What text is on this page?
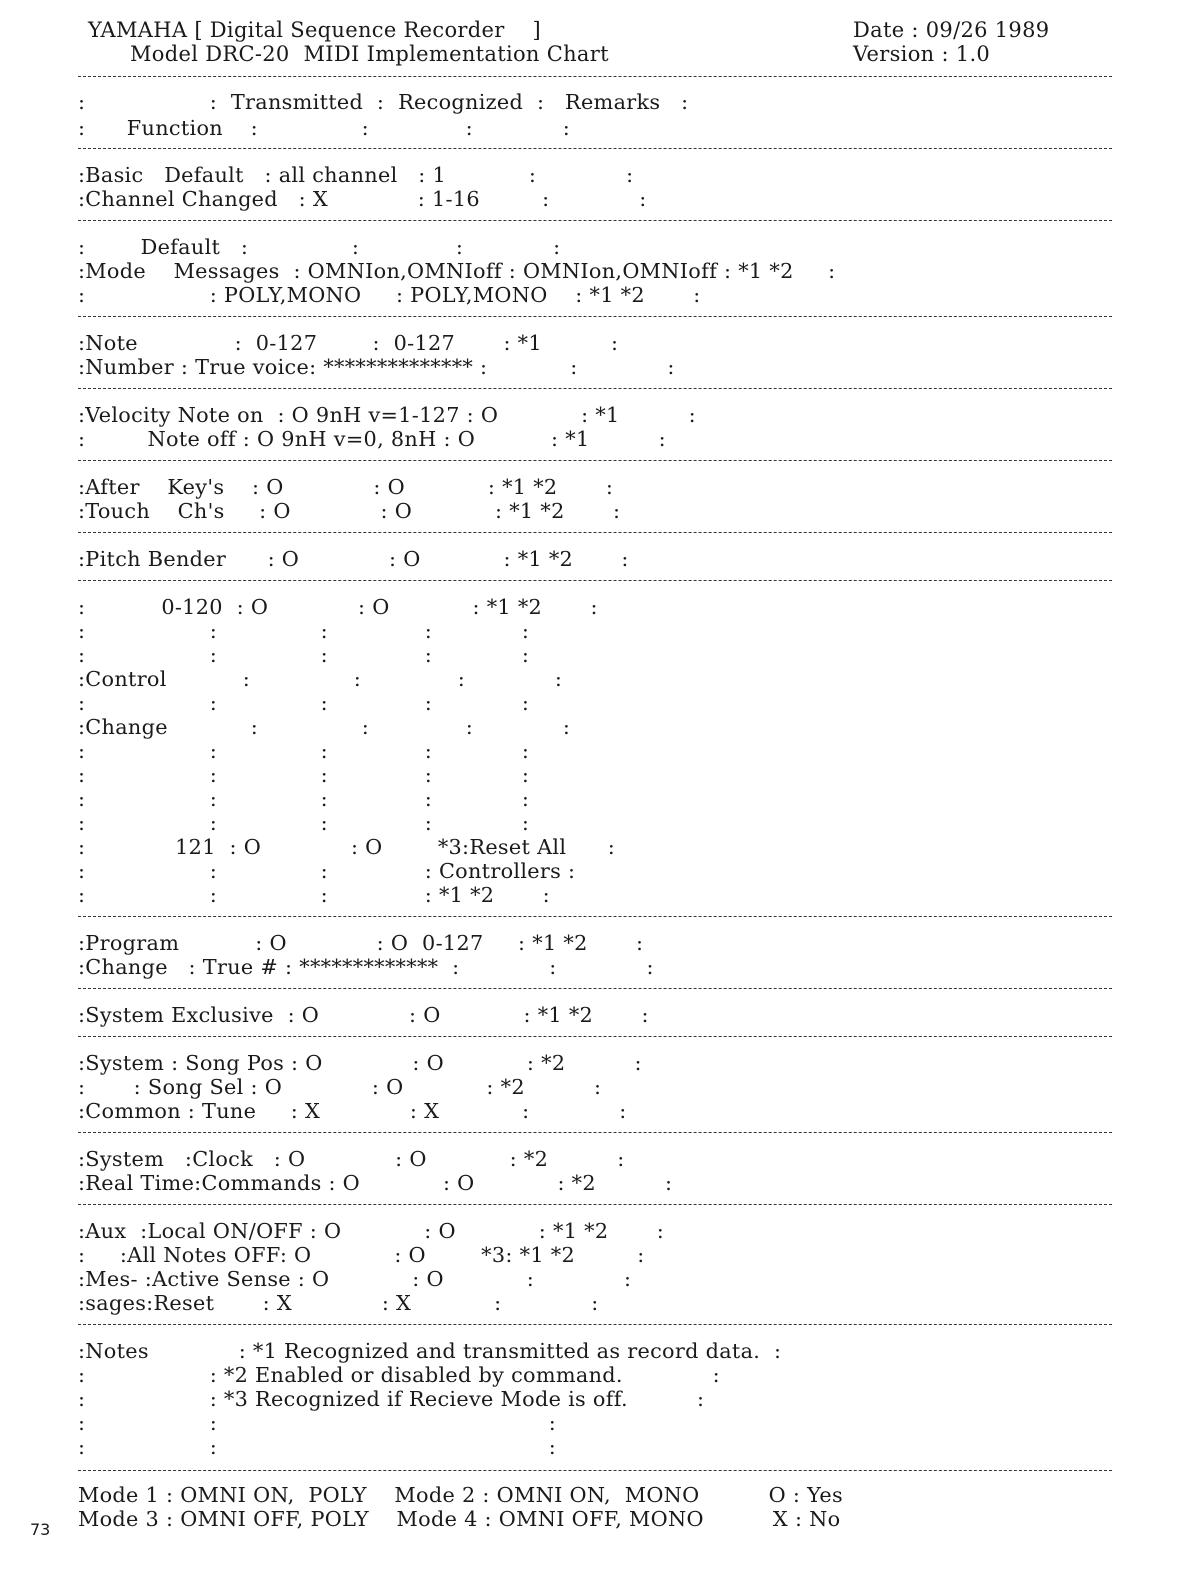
YAMAHA [ Digital Sequence Recorder    ]
Model DRC-20  MIDI Implementation Chart
Date : 09/26 1989
Version : 1.0
:                  :  Transmitted  :  Recognized  :   Remarks   :
:      Function    :               :              :             :
:Basic   Default   : all channel   : 1            :             :
:Channel Changed   : X             : 1-16         :             :
:        Default   :               :              :             :
:Mode    Messages  : OMNIon,OMNIoff : OMNIon,OMNIoff : *1 *2     :
:                  : POLY,MONO     : POLY,MONO    : *1 *2       :
:Note              :  0-127        :  0-127       : *1          :
:Number : True voice: ************** :            :             :
:Velocity Note on  : O 9nH v=1-127 : O            : *1          :
:         Note off : O 9nH v=0, 8nH : O           : *1          :
:After    Key's    : O             : O            : *1 *2       :
:Touch    Ch's     : O             : O            : *1 *2       :
:Pitch Bender      : O             : O            : *1 *2       :
:           0-120  : O             : O            : *1 *2       :
:                  :               :              :             :
:                  :               :              :             :
:Control           :               :              :             :
:                  :               :              :             :
:Change            :               :              :             :
:                  :               :              :             :
:                  :               :              :             :
:                  :               :              :             :
:                  :               :              :             :
:             121  : O             : O        *3:Reset All      :
:                  :               :              : Controllers :
:                  :               :              : *1 *2       :
:Program           : O             : O  0-127     : *1 *2       :
:Change   : True # : *************  :             :             :
:System Exclusive  : O             : O            : *1 *2       :
:System : Song Pos : O             : O            : *2          :
:       : Song Sel : O             : O            : *2          :
:Common : Tune     : X             : X            :             :
:System   :Clock   : O             : O            : *2          :
:Real Time:Commands : O            : O            : *2          :
:Aux  :Local ON/OFF : O            : O            : *1 *2       :
:     :All Notes OFF: O            : O        *3: *1 *2         :
:Mes- :Active Sense : O            : O            :             :
:sages:Reset       : X             : X            :             :
:Notes             : *1 Recognized and transmitted as record data.  :
:                  : *2 Enabled or disabled by command.             :
:                  : *3 Recognized if Recieve Mode is off.          :
:                  :                                                :
:                  :                                                :
Mode 1 : OMNI ON,  POLY    Mode 2 : OMNI ON,  MONO          O : Yes
Mode 3 : OMNI OFF, POLY    Mode 4 : OMNI OFF, MONO          X : No
73
